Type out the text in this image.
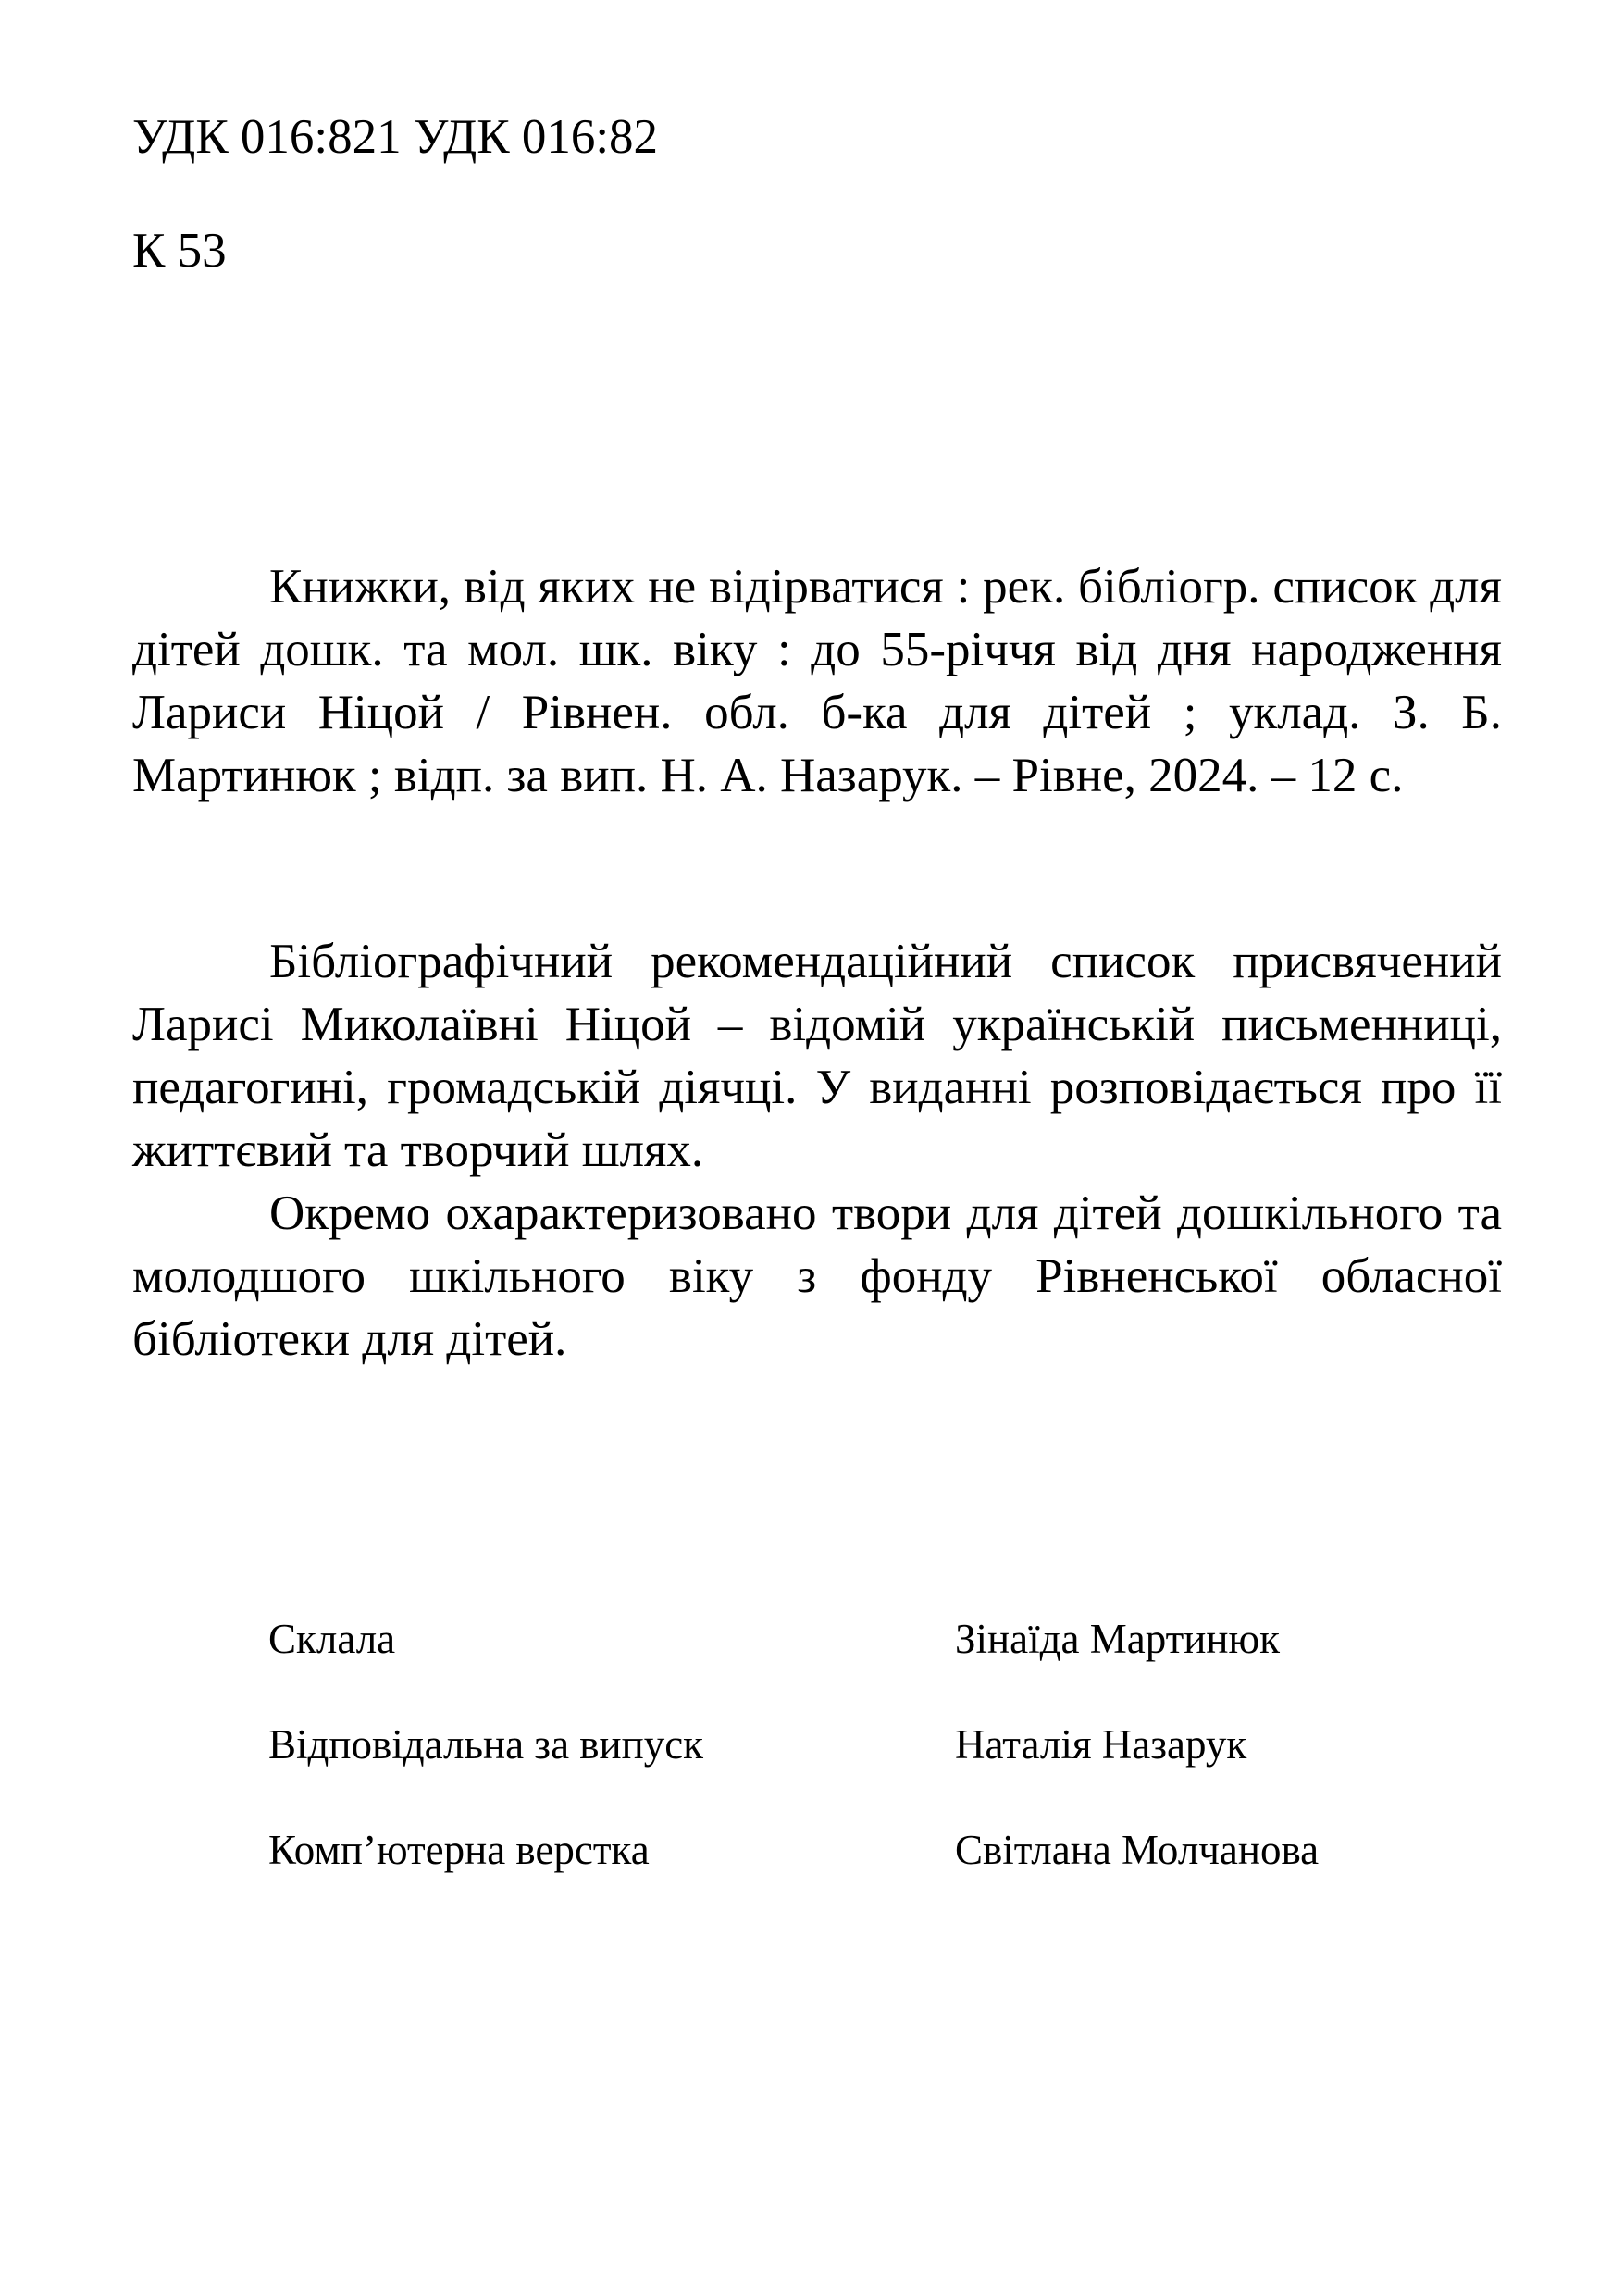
УДК 016:821 УДК 016:82
К 53

Книжки, від яких не відірватися : рек. бібліогр. список для дітей дошк. та мол. шк. віку : до 55-річчя від дня народження Лариси Ніцой / Рівнен. обл. б-ка для дітей ; уклад. З. Б. Мартинюк ; відп. за вип. Н. А. Назарук. – Рівне, 2024. – 12 с.

Бібліографічний рекомендаційний список присвячений Ларисі Миколаївні Ніцой – відомій українській письменниці, педагогині, громадській діячці. У виданні розповідається про її життєвий та творчий шлях.

Окремо охарактеризовано твори для дітей дошкільного та молодшого шкільного віку з фонду Рівненської обласної бібліотеки для дітей.

Склала	Зінаїда Мартинюк
Відповідальна за випуск	Наталія Назарук
Комп’ютерна верстка	Світлана Молчанова
